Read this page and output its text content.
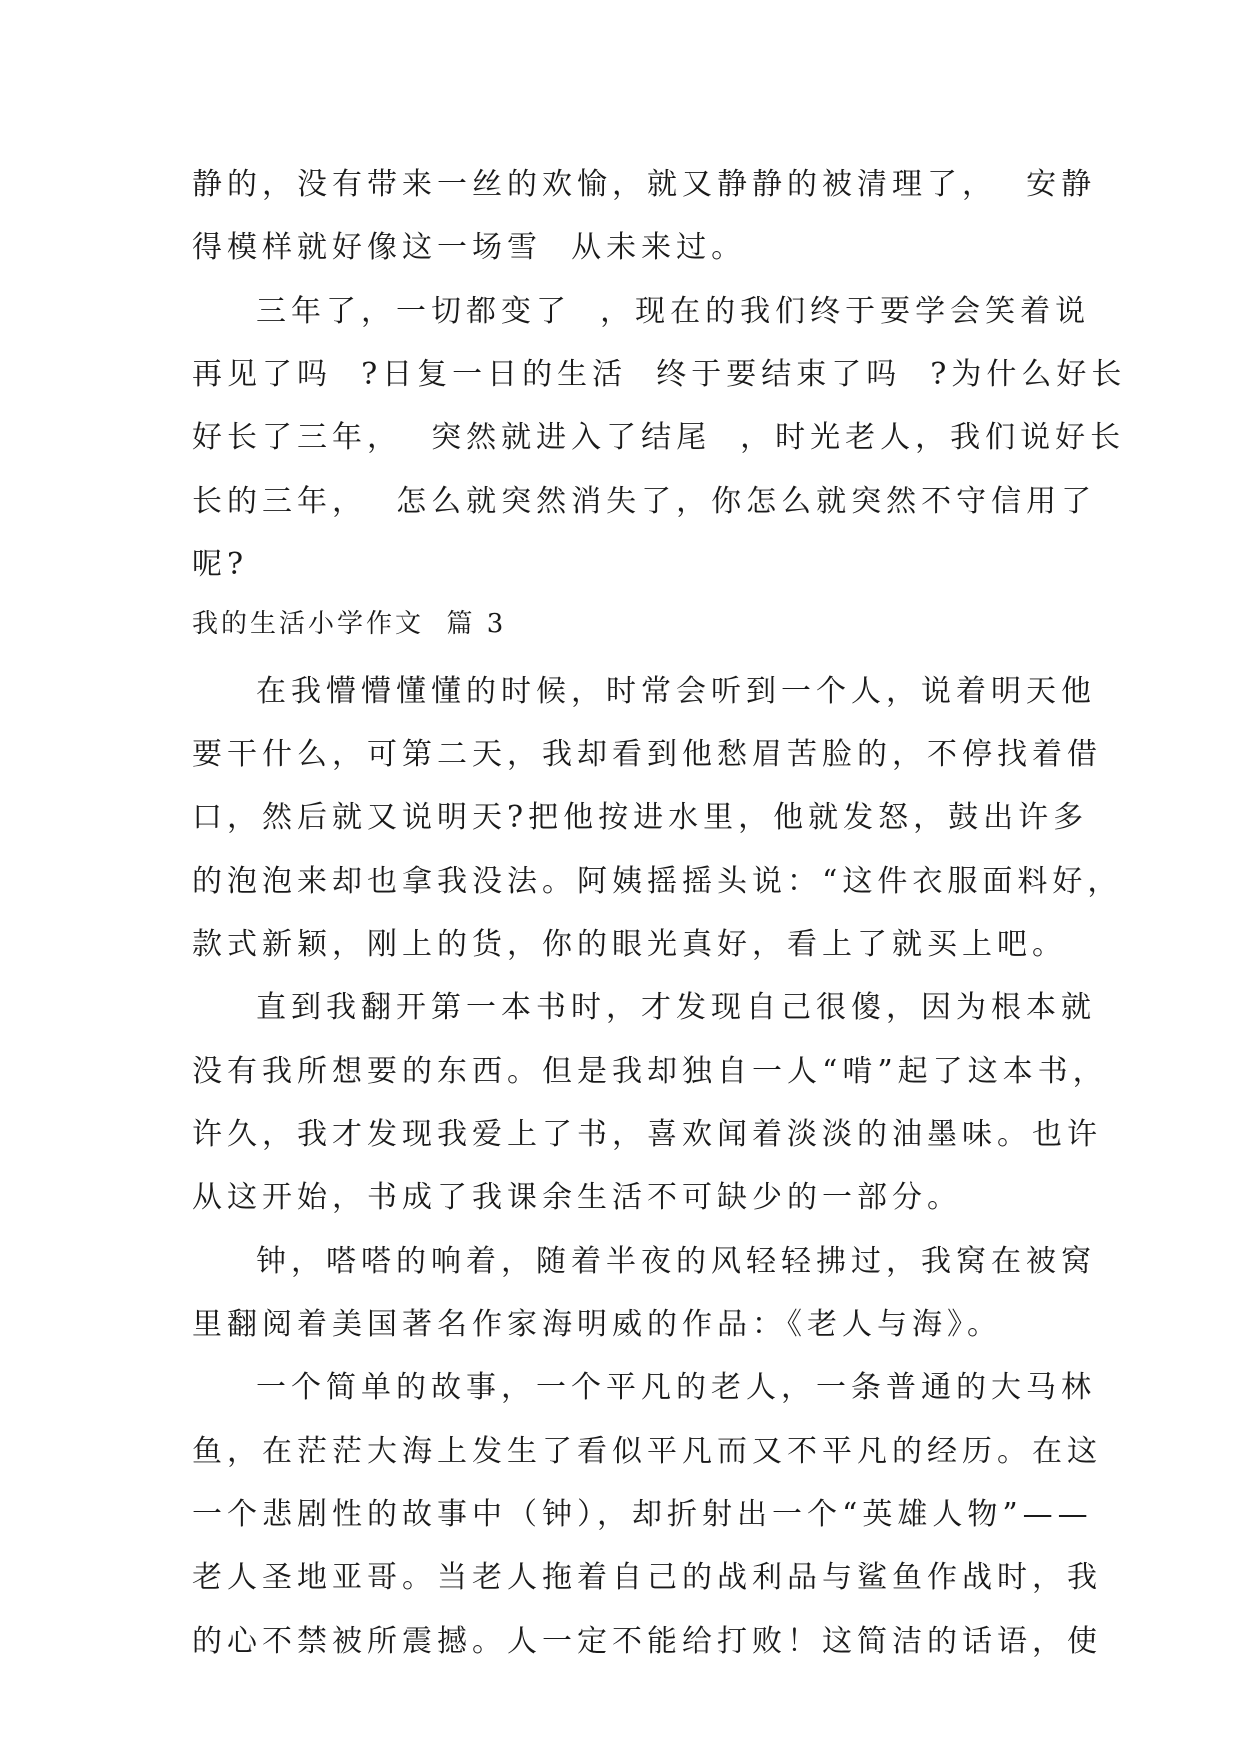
静的，没有带来一丝的欢愉，就又静静的被清理了，  安静

得模样就好像这一场雪  从未来过。

三年了，一切都变了  ，现在的我们终于要学会笑着说

再见了吗  ?日复一日的生活  终于要结束了吗  ?为什么好长

好长了三年，  突然就进入了结尾  ，时光老人，我们说好长

长的三年，  怎么就突然消失了，你怎么就突然不守信用了

呢?

我的生活小学作文  篇 3

在我懵懵懂懂的时候，时常会听到一个人，说着明天他

要干什么，可第二天，我却看到他愁眉苦脸的，不停找着借

口，然后就又说明天?把他按进水里，他就发怒，鼓出许多

的泡泡来却也拿我没法。阿姨摇摇头说：“这件衣服面料好，

款式新颖，刚上的货，你的眼光真好，看上了就买上吧。

直到我翻开第一本书时，才发现自己很傻，因为根本就

没有我所想要的东西。但是我却独自一人“啃”起了这本书，

许久，我才发现我爱上了书，喜欢闻着淡淡的油墨味。也许

从这开始，书成了我课余生活不可缺少的一部分。

钟，嗒嗒的响着，随着半夜的风轻轻拂过，我窝在被窝

里翻阅着美国著名作家海明威的作品：《老人与海》。

一个简单的故事，一个平凡的老人，一条普通的大马林

鱼，在茫茫大海上发生了看似平凡而又不平凡的经历。在这

一个悲剧性的故事中（钟），却折射出一个“英雄人物”——

老人圣地亚哥。当老人拖着自己的战利品与鲨鱼作战时，我

的心不禁被所震撼。人一定不能给打败！这简洁的话语，使
